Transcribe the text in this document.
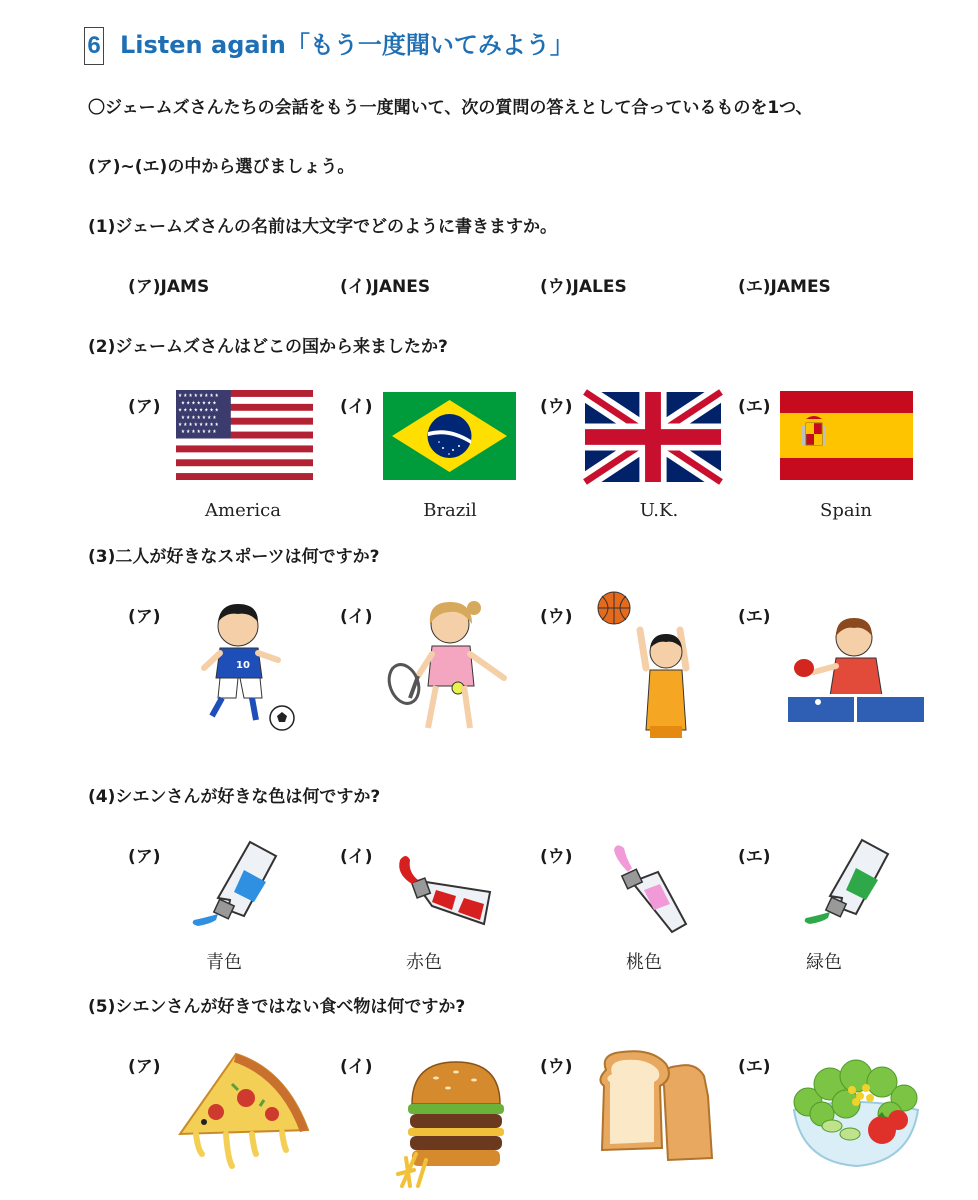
6 Listen again「もう一度聞いてみよう」
〇ジェームズさんたちの会話をもう一度聞いて、次の質問の答えとして合っているものを1つ、
(ア)~(エ)の中から選びましょう。
(1)ジェームズさんの名前は大文字でどのように書きますか。
(ア)JAMS	(イ)JANES	(ウ)JALES	(エ)JAMES
(2)ジェームズさんはどこの国から来ましたか?
(ア)	(イ)	(ウ)	(エ)
★ ★ ★ ★ ★ ★ ★ ★
★ ★ ★ ★ ★ ★ ★
★ ★ ★ ★ ★ ★ ★ ★
★ ★ ★ ★ ★ ★ ★
★ ★ ★ ★ ★ ★ ★ ★
★ ★ ★ ★ ★ ★ ★
America	Brazil	U.K.	Spain
(3)二人が好きなスポーツは何ですか?
(ア)	(イ)	(ウ)	(エ)
10
(4)シエンさんが好きな色は何ですか?
(ア)	(イ)	(ウ)	(エ)
青色	赤色	桃色	緑色
(5)シエンさんが好きではない食べ物は何ですか?
(ア)	(イ)	(ウ)	(エ)
